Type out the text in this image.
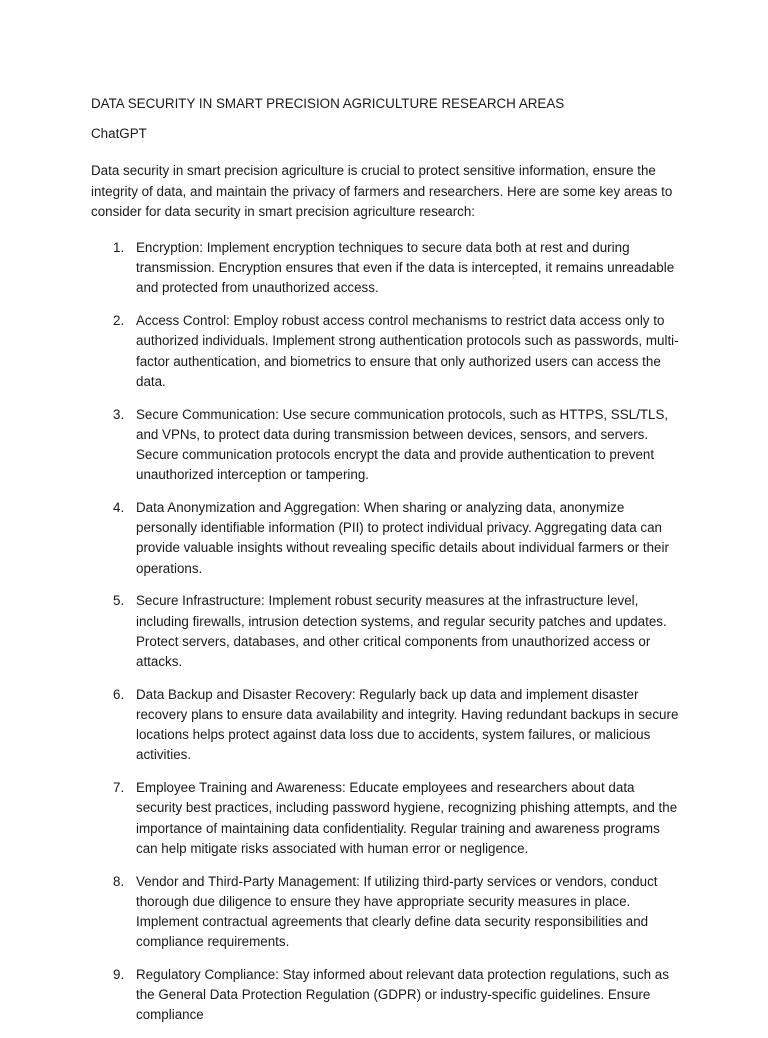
DATA SECURITY IN SMART PRECISION AGRICULTURE RESEARCH AREAS

ChatGPT

Data security in smart precision agriculture is crucial to protect sensitive information, ensure the integrity of data, and maintain the privacy of farmers and researchers. Here are some key areas to consider for data security in smart precision agriculture research:

1. Encryption: Implement encryption techniques to secure data both at rest and during transmission. Encryption ensures that even if the data is intercepted, it remains unreadable and protected from unauthorized access.
2. Access Control: Employ robust access control mechanisms to restrict data access only to authorized individuals. Implement strong authentication protocols such as passwords, multi-factor authentication, and biometrics to ensure that only authorized users can access the data.
3. Secure Communication: Use secure communication protocols, such as HTTPS, SSL/TLS, and VPNs, to protect data during transmission between devices, sensors, and servers. Secure communication protocols encrypt the data and provide authentication to prevent unauthorized interception or tampering.
4. Data Anonymization and Aggregation: When sharing or analyzing data, anonymize personally identifiable information (PII) to protect individual privacy. Aggregating data can provide valuable insights without revealing specific details about individual farmers or their operations.
5. Secure Infrastructure: Implement robust security measures at the infrastructure level, including firewalls, intrusion detection systems, and regular security patches and updates. Protect servers, databases, and other critical components from unauthorized access or attacks.
6. Data Backup and Disaster Recovery: Regularly back up data and implement disaster recovery plans to ensure data availability and integrity. Having redundant backups in secure locations helps protect against data loss due to accidents, system failures, or malicious activities.
7. Employee Training and Awareness: Educate employees and researchers about data security best practices, including password hygiene, recognizing phishing attempts, and the importance of maintaining data confidentiality. Regular training and awareness programs can help mitigate risks associated with human error or negligence.
8. Vendor and Third-Party Management: If utilizing third-party services or vendors, conduct thorough due diligence to ensure they have appropriate security measures in place. Implement contractual agreements that clearly define data security responsibilities and compliance requirements.
9. Regulatory Compliance: Stay informed about relevant data protection regulations, such as the General Data Protection Regulation (GDPR) or industry-specific guidelines. Ensure compliance
